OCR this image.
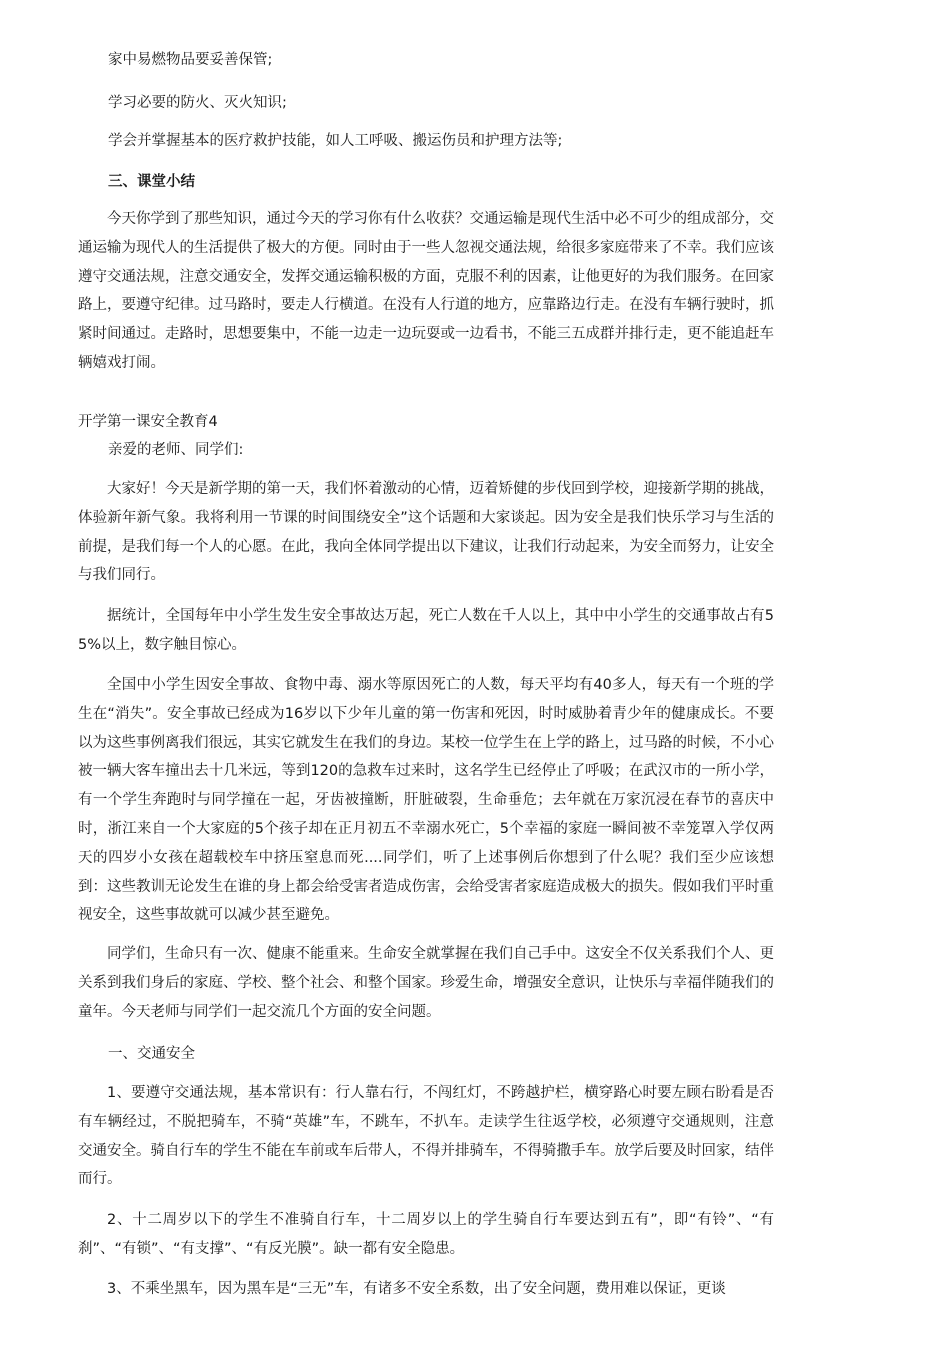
家中易燃物品要妥善保管;
学习必要的防火、灭火知识;
学会并掌握基本的医疗救护技能，如人工呼吸、搬运伤员和护理方法等;
三、课堂小结

今天你学到了那些知识，通过今天的学习你有什么收获？交通运输是现代生活中必不可少的组成部分，交通运输为现代人的生活提供了极大的方便。同时由于一些人忽视交通法规，给很多家庭带来了不幸。我们应该遵守交通法规，注意交通安全，发挥交通运输积极的方面，克服不利的因素，让他更好的为我们服务。在回家路上，要遵守纪律。过马路时，要走人行横道。在没有人行道的地方，应靠路边行走。在没有车辆行驶时，抓紧时间通过。走路时，思想要集中，不能一边走一边玩耍或一边看书，不能三五成群并排行走，更不能追赶车辆嬉戏打闹。

开学第一课安全教育4
亲爱的老师、同学们:

大家好！今天是新学期的第一天，我们怀着激动的心情，迈着矫健的步伐回到学校，迎接新学期的挑战，体验新年新气象。我将利用一节课的时间围绕安全”这个话题和大家谈起。因为安全是我们快乐学习与生活的前提，是我们每一个人的心愿。在此，我向全体同学提出以下建议，让我们行动起来，为安全而努力，让安全与我们同行。

据统计，全国每年中小学生发生安全事故达万起，死亡人数在千人以上，其中中小学生的交通事故占有55%以上，数字触目惊心。

全国中小学生因安全事故、食物中毒、溺水等原因死亡的人数，每天平均有40多人，每天有一个班的学生在“消失”。安全事故已经成为16岁以下少年儿童的第一伤害和死因，时时威胁着青少年的健康成长。不要以为这些事例离我们很远，其实它就发生在我们的身边。某校一位学生在上学的路上，过马路的时候，不小心被一辆大客车撞出去十几米远，等到120的急救车过来时，这名学生已经停止了呼吸；在武汉市的一所小学，有一个学生奔跑时与同学撞在一起，牙齿被撞断，肝脏破裂，生命垂危；去年就在万家沉浸在春节的喜庆中时，浙江来自一个大家庭的5个孩子却在正月初五不幸溺水死亡，5个幸福的家庭一瞬间被不幸笼罩入学仅两天的四岁小女孩在超载校车中挤压窒息而死....同学们，听了上述事例后你想到了什么呢？我们至少应该想到：这些教训无论发生在谁的身上都会给受害者造成伤害，会给受害者家庭造成极大的损失。假如我们平时重视安全，这些事故就可以减少甚至避免。

同学们，生命只有一次、健康不能重来。生命安全就掌握在我们自己手中。这安全不仅关系我们个人、更关系到我们身后的家庭、学校、整个社会、和整个国家。珍爱生命，增强安全意识，让快乐与幸福伴随我们的童年。今天老师与同学们一起交流几个方面的安全问题。

一、交通安全

1、要遵守交通法规，基本常识有：行人靠右行，不闯红灯，不跨越护栏，横穿路心时要左顾右盼看是否有车辆经过，不脱把骑车，不骑“英雄”车，不跳车，不扒车。走读学生往返学校，必须遵守交通规则，注意交通安全。骑自行车的学生不能在车前或车后带人，不得并排骑车，不得骑撒手车。放学后要及时回家，结伴而行。

2、十二周岁以下的学生不准骑自行车，十二周岁以上的学生骑自行车要达到五有”，即“有铃”、“有刹”、“有锁”、“有支撑”、“有反光膜”。缺一都有安全隐患。

3、不乘坐黑车，因为黑车是“三无”车，有诸多不安全系数，出了安全问题，费用难以保证，更谈
